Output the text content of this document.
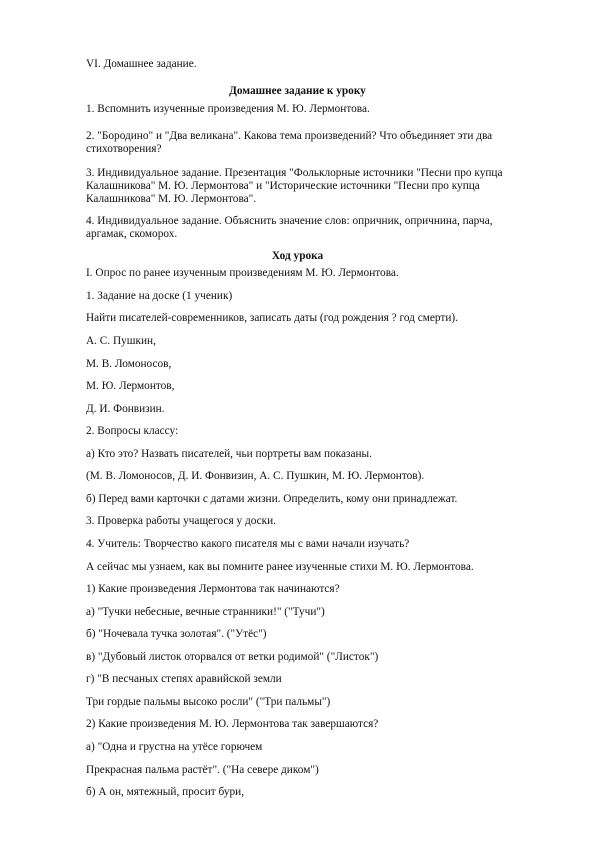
VI. Домашнее задание.
Домашнее задание к уроку
1. Вспомнить изученные произведения М. Ю. Лермонтова.
2. "Бородино" и "Два великана". Какова тема произведений? Что объединяет эти два
стихотворения?
3. Индивидуальное задание. Презентация "Фольклорные источники "Песни про купца
Калашникова" М. Ю. Лермонтова" и "Исторические источники "Песни про купца
Калашникова" М. Ю. Лермонтова".
4. Индивидуальное задание. Объяснить значение слов: опричник, опричнина, парча,
аргамак, скоморох.
Ход урока
I. Опрос по ранее изученным произведениям М. Ю. Лермонтова.
1. Задание на доске (1 ученик)
Найти писателей-современников, записать даты (год рождения ? год смерти).
А. С. Пушкин,
М. В. Ломоносов,
М. Ю. Лермонтов,
Д. И. Фонвизин.
2. Вопросы классу:
а) Кто это? Назвать писателей, чьи портреты вам показаны.
(М. В. Ломоносов, Д. И. Фонвизин, А. С. Пушкин, М. Ю. Лермонтов).
б) Перед вами карточки с датами жизни. Определить, кому они принадлежат.
3. Проверка работы учащегося у доски.
4. Учитель: Творчество какого писателя мы с вами начали изучать?
А сейчас мы узнаем, как вы помните ранее изученные стихи М. Ю. Лермонтова.
1) Какие произведения Лермонтова так начинаются?
а) "Тучки небесные, вечные странники!" ("Тучи")
б) "Ночевала тучка золотая". ("Утёс")
в) "Дубовый листок оторвался от ветки родимой" ("Листок")
г) "В песчаных степях аравийской земли
Три гордые пальмы высоко росли" ("Три пальмы")
2) Какие произведения М. Ю. Лермонтова так завершаются?
а) "Одна и грустна на утёсе горючем
Прекрасная пальма растёт". ("На севере диком")
б) А он, мятежный, просит бури,
